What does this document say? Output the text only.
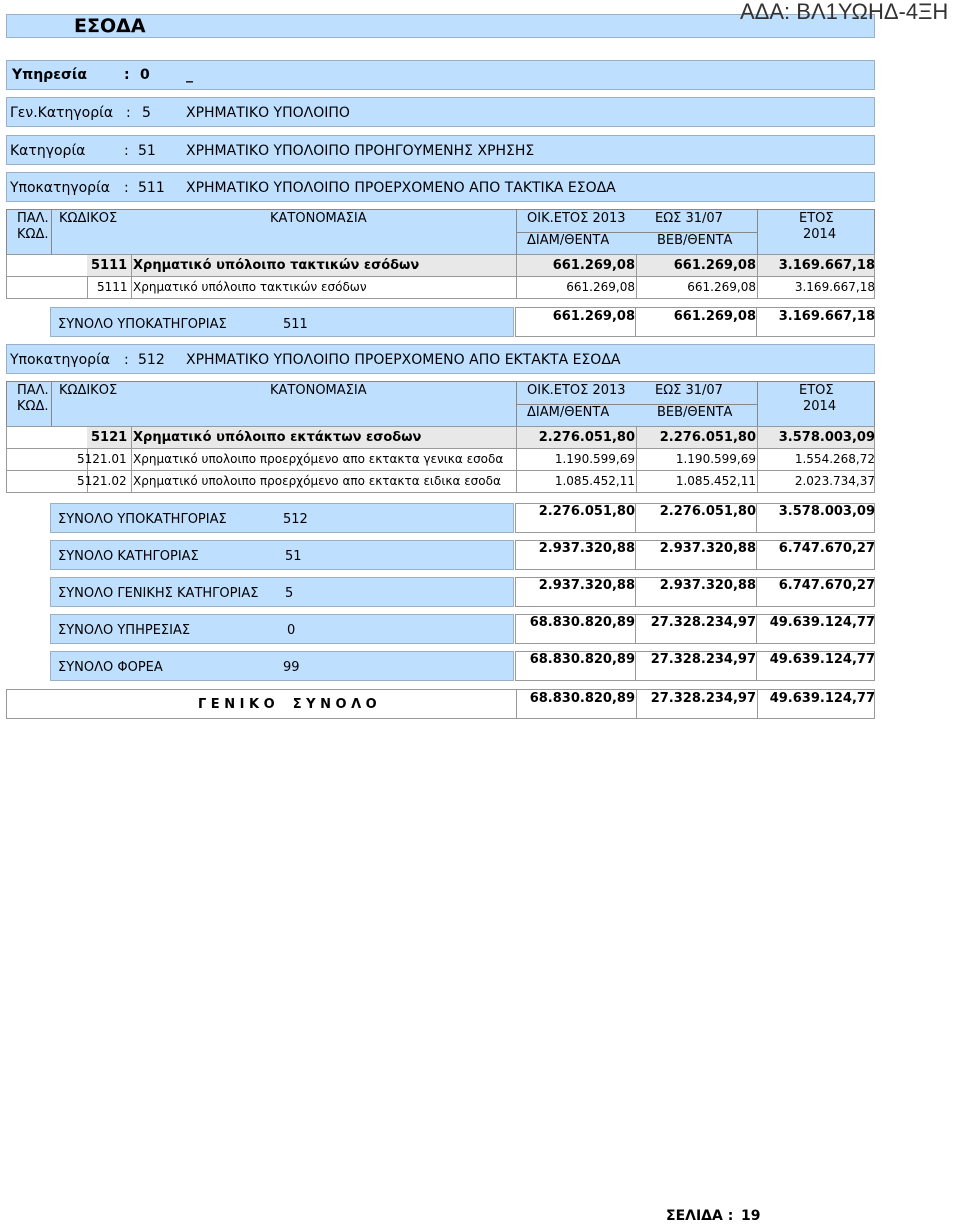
ΕΣΟΔΑ
ΑΔΑ: ΒΛ1ΥΩΗΔ-4ΞΗ
Υπηρεσία	: 0	_
Γεν.Κατηγορία : 5	ΧΡΗΜΑΤΙΚΟ ΥΠΟΛΟΙΠΟ
Κατηγορία	: 51 ΧΡΗΜΑΤΙΚΟ ΥΠΟΛΟΙΠΟ ΠΡΟΗΓΟΥΜΕΝΗΣ ΧΡΗΣΗΣ
Υποκατηγορία : 511 ΧΡΗΜΑΤΙΚΟ ΥΠΟΛΟΙΠΟ ΠΡΟΕΡΧΟΜΕΝΟ ΑΠΟ ΤΑΚΤΙΚΑ ΕΣΟΔΑ
ΠΑΛ.
ΚΩΔ.
ΚΩΔΙΚΟΣ	ΚΑΤΟΝΟΜΑΣΙΑ	ΟΙΚ.ΕΤΟΣ 2013 ΕΩΣ 31/07
ΔΙΑΜ/ΘΕΝΤΑ	ΒΕΒ/ΘΕΝΤΑ
ΕΤΟΣ
2014
5111 Χρηματικό υπόλοιπο τακτικών εσόδων	661.269,08	661.269,08	3.169.667,18
5111 Χρηματικό υπόλοιπο τακτικών εσόδων	661.269,08	661.269,08	3.169.667,18
ΣΥΝΟΛΟ ΥΠΟΚΑΤΗΓΟΡΙΑΣ	511
661.269,08	661.269,08	3.169.667,18
Υποκατηγορία : 512 ΧΡΗΜΑΤΙΚΟ ΥΠΟΛΟΙΠΟ ΠΡΟΕΡΧΟΜΕΝΟ ΑΠΟ ΕΚΤΑΚΤΑ ΕΣΟΔΑ
ΠΑΛ.
ΚΩΔ.
ΚΩΔΙΚΟΣ	ΚΑΤΟΝΟΜΑΣΙΑ	ΟΙΚ.ΕΤΟΣ 2013 ΕΩΣ 31/07
ΔΙΑΜ/ΘΕΝΤΑ	ΒΕΒ/ΘΕΝΤΑ
ΕΤΟΣ
2014
5121 Χρηματικό υπόλοιπο εκτάκτων εσοδων	2.276.051,80	2.276.051,80	3.578.003,09
5121.01 Χρηματικό υπολοιπο προερχόμενο απο εκτακτα γενικα εσοδα	1.190.599,69	1.190.599,69	1.554.268,72
5121.02 Χρηματικό υπολοιπο προερχόμενο απο εκτακτα ειδικα εσοδα	1.085.452,11	1.085.452,11	2.023.734,37
ΣΥΝΟΛΟ ΥΠΟΚΑΤΗΓΟΡΙΑΣ	512
2.276.051,80	2.276.051,80	3.578.003,09
ΣΥΝΟΛΟ ΚΑΤΗΓΟΡΙΑΣ	51
2.937.320,88	2.937.320,88	6.747.670,27
ΣΥΝΟΛΟ ΓΕΝΙΚΗΣ ΚΑΤΗΓΟΡΙΑΣ 5
2.937.320,88	2.937.320,88	6.747.670,27
ΣΥΝΟΛΟ ΥΠΗΡΕΣΙΑΣ	0
68.830.820,89	27.328.234,97	49.639.124,77
ΣΥΝΟΛΟ ΦΟΡΕΑ	99
68.830.820,89	27.328.234,97	49.639.124,77
Γ Ε Ν Ι Κ Ο    Σ Υ Ν Ο Λ Ο	68.830.820,89	27.328.234,97	49.639.124,77
ΣΕΛΙΔΑ : 19
